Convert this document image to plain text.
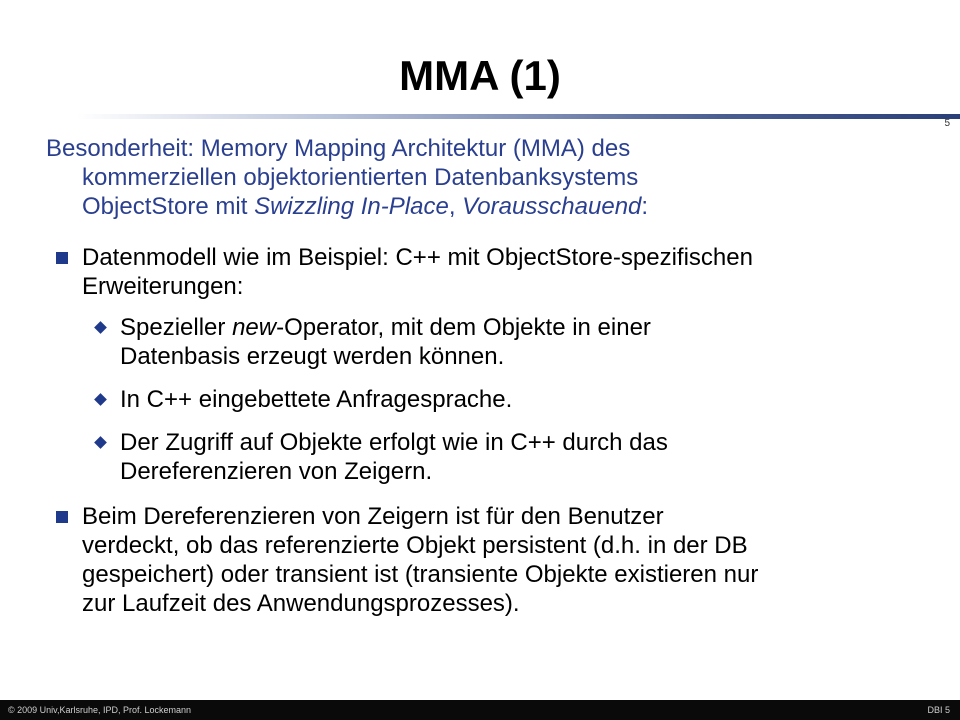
MMA (1)
5
Besonderheit: Memory Mapping Architektur (MMA) des
kommerziellen objektorientierten Datenbanksystems
ObjectStore mit Swizzling In-Place, Vorausschauend:
Datenmodell wie im Beispiel: C++ mit ObjectStore-spezifischen
Erweiterungen:
Spezieller new-Operator, mit dem Objekte in einer
Datenbasis erzeugt werden können.
In C++ eingebettete Anfragesprache.
Der Zugriff auf Objekte erfolgt wie in C++ durch das
Dereferenzieren von Zeigern.
Beim Dereferenzieren von Zeigern ist für den Benutzer
verdeckt, ob das referenzierte Objekt persistent (d.h. in der DB
gespeichert) oder transient ist (transiente Objekte existieren nur
zur Laufzeit des Anwendungsprozesses).
© 2009 Univ,Karlsruhe, IPD, Prof. Lockemann	DBI 5
